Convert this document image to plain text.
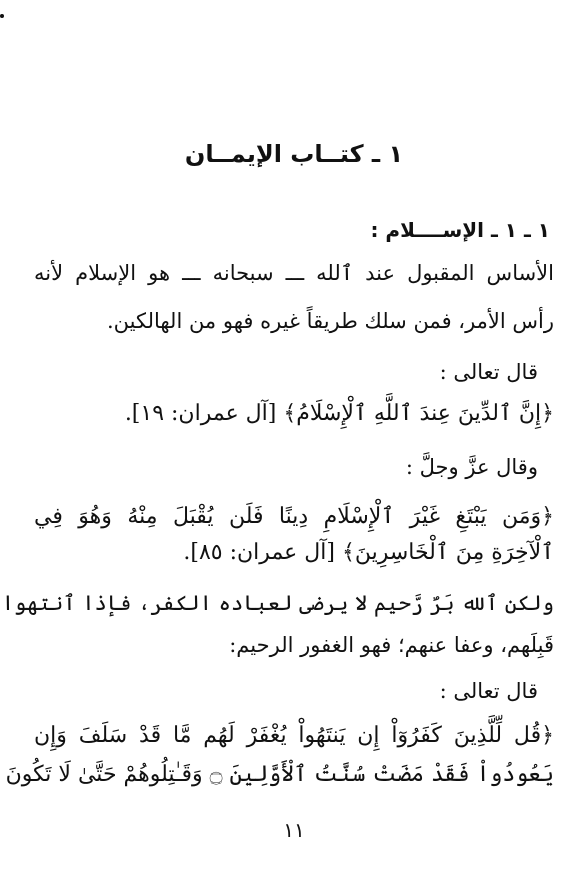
١ ـ كتــاب الإيمــان
١ ـ ١ ـ الإســــلام :
الأساس المقبول عند ٱلله ـــ سبحانه ـــ هو الإسلام لأنه
رأس الأمر، فمن سلك طريقاً غيره فهو من الهالكين.
قال تعالى :
﴿إِنَّ ٱلدِّينَ عِندَ ٱللَّهِ ٱلْإِسْلَامُ﴾ [آل عمران: ١٩].
وقال عزَّ وجلَّ :
﴿وَمَن يَبْتَغِ غَيْرَ ٱلْإِسْلَامِ دِينًا فَلَن يُقْبَلَ مِنْهُ وَهُوَ فِي
ٱلْآخِرَةِ مِنَ ٱلْخَاسِرِينَ﴾ [آل عمران: ٨٥].
ولكن ٱلله بَرٌ رَّحيم لا يرضى لعباده الكفر، فإذا ٱنتهوا
قَبِلَهم، وعفا عنهم؛ فهو الغفور الرحيم:
قال تعالى :
﴿قُل لِّلَّذِينَ كَفَرُوٓاْ إِن يَنتَهُواْ يُغْفَرْ لَهُم مَّا قَدْ سَلَفَ وَإِن
يَعُودُواْ فَقَدْ مَضَتْ سُنَّتُ ٱلْأَوَّلِينَ ۝ وَقَـٰتِلُوهُمْ حَتَّىٰ لَا تَكُونَ
١١
